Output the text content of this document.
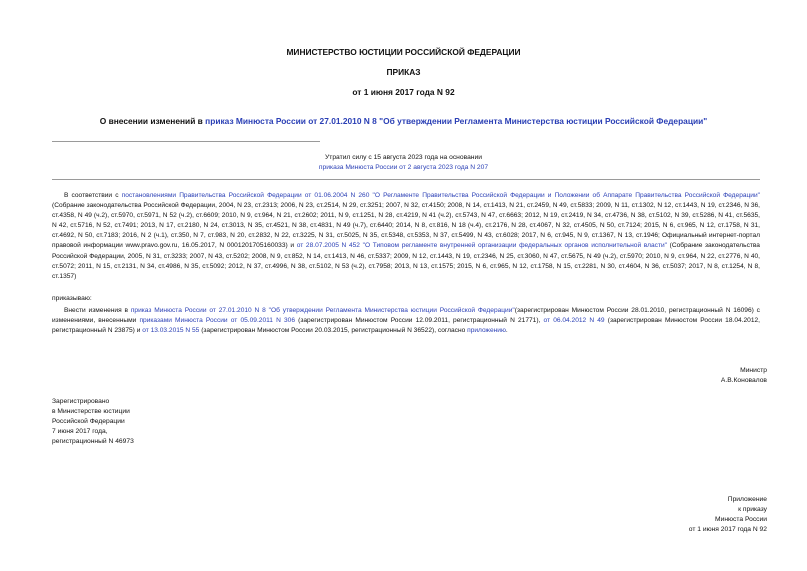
МИНИСТЕРСТВО ЮСТИЦИИ РОССИЙСКОЙ ФЕДЕРАЦИИ
ПРИКАЗ
от 1 июня 2017 года N 92
О внесении изменений в приказ Минюста России от 27.01.2010 N 8 "Об утверждении Регламента Министерства юстиции Российской Федерации"
Утратил силу с 15 августа 2023 года на основании
приказа Минюста России от 2 августа 2023 года N 207
В соответствии с постановлениями Правительства Российской Федерации от 01.06.2004 N 260 "О Регламенте Правительства Российской Федерации и Положении об Аппарате Правительства Российской Федерации" (Собрание законодательства Российской Федерации, 2004, N 23, ст.2313; 2006, N 23, ст.2514, N 29, ст.3251; 2007, N 32, ст.4150; 2008, N 14, ст.1413, N 21, ст.2459, N 49, ст.5833; 2009, N 11, ст.1302, N 12, ст.1443, N 19, ст.2346, N 36, ст.4358, N 49 (ч.2), ст.5970, ст.5971, N 52 (ч.2), ст.6609; 2010, N 9, ст.964, N 21, ст.2602; 2011, N 9, ст.1251, N 28, ст.4219, N 41 (ч.2), ст.5743, N 47, ст.6663; 2012, N 19, ст.2419, N 34, ст.4736, N 38, ст.5102, N 39, ст.5286, N 41, ст.5635, N 42, ст.5716, N 52, ст.7491; 2013, N 17, ст.2180, N 24, ст.3013, N 35, ст.4521, N 38, ст.4831, N 49 (ч.7), ст.6440; 2014, N 8, ст.816, N 18 (ч.4), ст.2176, N 28, ст.4067, N 32, ст.4505, N 50, ст.7124; 2015, N 6, ст.965, N 12, ст.1758, N 31, ст.4692, N 50, ст.7183; 2016, N 2 (ч.1), ст.350, N 7, ст.983, N 20, ст.2832, N 22, ст.3225, N 31, ст.5025, N 35, ст.5348, ст.5353, N 37, ст.5499, N 43, ст.6028; 2017, N 6, ст.945, N 9, ст.1367, N 13, ст.1946; Официальный интернет-портал правовой информации www.pravo.gov.ru, 16.05.2017, N 0001201705160033) и от 28.07.2005 N 452 "О Типовом регламенте внутренней организации федеральных органов исполнительной власти" (Собрание законодательства Российской Федерации, 2005, N 31, ст.3233; 2007, N 43, ст.5202; 2008, N 9, ст.852, N 14, ст.1413, N 46, ст.5337; 2009, N 12, ст.1443, N 19, ст.2346, N 25, ст.3060, N 47, ст.5675, N 49 (ч.2), ст.5970; 2010, N 9, ст.964, N 22, ст.2776, N 40, ст.5072; 2011, N 15, ст.2131, N 34, ст.4986, N 35, ст.5092; 2012, N 37, ст.4996, N 38, ст.5102, N 53 (ч.2), ст.7958; 2013, N 13, ст.1575; 2015, N 6, ст.965, N 12, ст.1758, N 15, ст.2281, N 30, ст.4604, N 36, ст.5037; 2017, N 8, ст.1254, N 8, ст.1357)
приказываю:
Внести изменения в приказ Минюста России от 27.01.2010 N 8 "Об утверждении Регламента Министерства юстиции Российской Федерации"(зарегистрирован Минюстом России 28.01.2010, регистрационный N 16096) с изменениями, внесенными приказами Минюста России от 05.09.2011 N 306 (зарегистрирован Минюстом России 12.09.2011, регистрационный N 21771), от 06.04.2012 N 49 (зарегистрирован Минюстом России 18.04.2012, регистрационный N 23875) и от 13.03.2015 N 55 (зарегистрирован Минюстом России 20.03.2015, регистрационный N 36522), согласно приложению.
Министр
А.В.Коновалов
Зарегистрировано
в Министерстве юстиции
Российской Федерации
7 июня 2017 года,
регистрационный N 46973
Приложение
к приказу
Минюста России
от 1 июня 2017 года N 92
